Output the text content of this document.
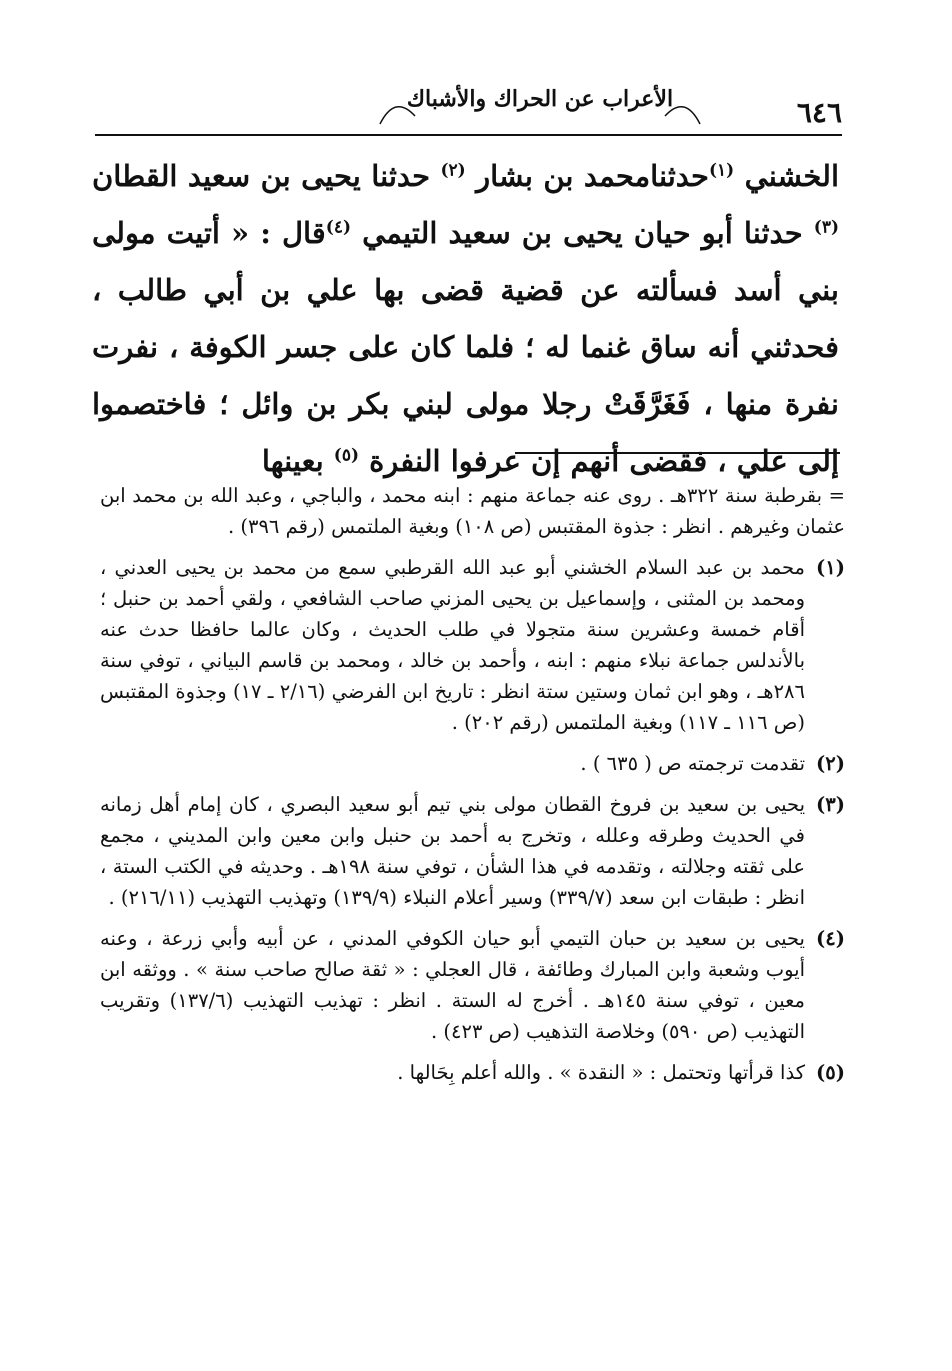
الأعراب عن الحراك والأشباك	٦٤٦

الخشني $^{(١)}$حدثنامحمد بن بشار $^{(٢)}$ حدثنا يحيى بن سعيد القطان $^{(٣)}$ حدثنا أبو حيان يحيى بن سعيد التيمي $^{(٤)}$قال : « أتيت مولى بني أسد فسألته عن قضية قضى بها علي بن أبي طالب ، فحدثني أنه ساق غنما له ؛ فلما كان على جسر الكوفة ، نفرت نفرة منها ، فَغَرَّقَتْ رجلا مولى لبني بكر بن وائل ؛ فاختصموا إلى علي ، فقضى أنهم إن عرفوا النفرة $^{(٥)}$ بعينها

= بقرطبة سنة ٣٢٢هـ . روى عنه جماعة منهم : ابنه محمد ، والباجي ، وعبد الله بن محمد ابن عثمان وغيرهم . انظر : جذوة المقتبس (ص ١٠٨) وبغية الملتمس (رقم ٣٩٦) .

(١)
محمد بن عبد السلام الخشني أبو عبد الله القرطبي سمع من محمد بن يحيى العدني ، ومحمد بن المثنى ، وإسماعيل بن يحيى المزني صاحب الشافعي ، ولقي أحمد بن حنبل ؛ أقام خمسة وعشرين سنة متجولا في طلب الحديث ، وكان عالما حافظا حدث عنه بالأندلس جماعة نبلاء منهم : ابنه ، وأحمد بن خالد ، ومحمد بن قاسم البياني ، توفي سنة ٢٨٦هـ ، وهو ابن ثمان وستين ستة انظر : تاريخ ابن الفرضي (٢/١٦ ـ ١٧) وجذوة المقتبس (ص ١١٦ ـ ١١٧) وبغية الملتمس (رقم ٢٠٢) .
(٢)
تقدمت ترجمته ص ( ٦٣٥ ) .
(٣)
يحيى بن سعيد بن فروخ القطان مولى بني تيم أبو سعيد البصري ، كان إمام أهل زمانه في الحديث وطرقه وعلله ، وتخرج به أحمد بن حنبل وابن معين وابن المديني ، مجمع على ثقته وجلالته ، وتقدمه في هذا الشأن ، توفي سنة ١٩٨هـ . وحديثه في الكتب الستة ، انظر : طبقات ابن سعد (٣٣٩/٧) وسير أعلام النبلاء (١٣٩/٩) وتهذيب التهذيب (٢١٦/١١) .
(٤)
يحيى بن سعيد بن حبان التيمي أبو حيان الكوفي المدني ، عن أبيه وأبي زرعة ، وعنه أيوب وشعبة وابن المبارك وطائفة ، قال العجلي : « ثقة صالح صاحب سنة » . ووثقه ابن معين ، توفي سنة ١٤٥هـ . أخرج له الستة . انظر : تهذيب التهذيب (١٣٧/٦) وتقريب التهذيب (ص ٥٩٠) وخلاصة التذهيب (ص ٤٢٣) .
(٥)
كذا قرأتها وتحتمل : « النقدة » . والله أعلم بِحَالها .
